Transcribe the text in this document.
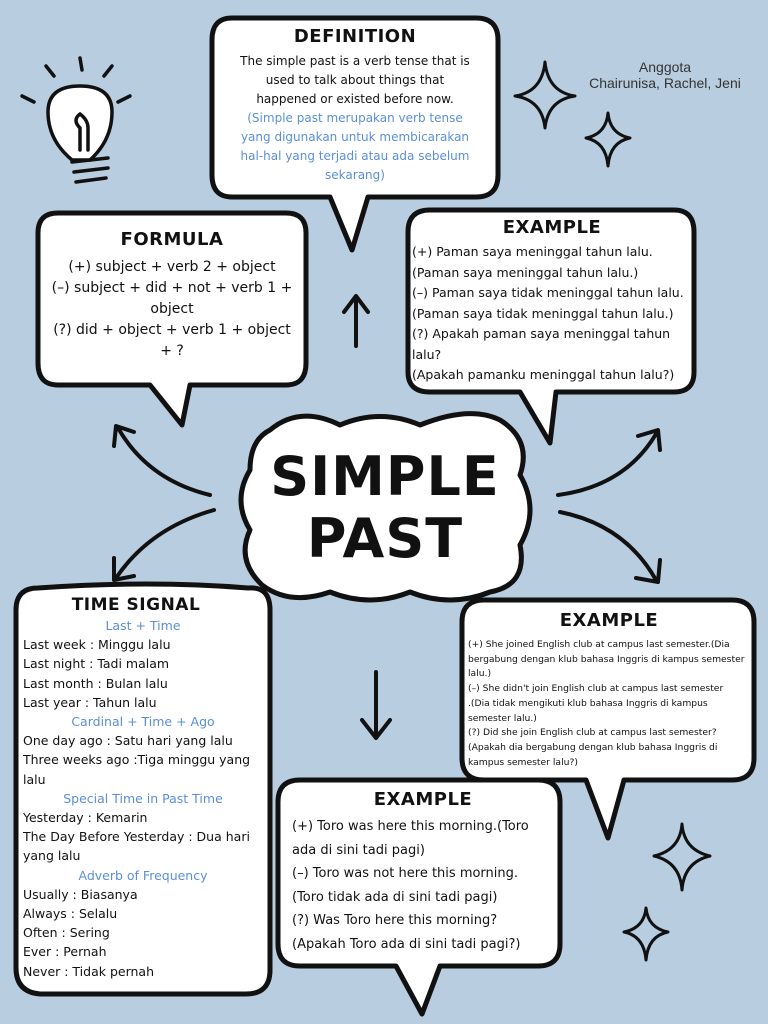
Anggota
Chairunisa, Rachel, Jeni
DEFINITION
The simple past is a verb tense that is
used to talk about things that
happened or existed before now.
(Simple past merupakan verb tense
yang digunakan untuk membicarakan
hal-hal yang terjadi atau ada sebelum
sekarang)
FORMULA
(+) subject + verb 2 + object
(–) subject + did + not + verb 1 +
object
(?) did + object + verb 1 + object
+ ?
EXAMPLE
(+) Paman saya meninggal tahun lalu.
(Paman saya meninggal tahun lalu.)
(–) Paman saya tidak meninggal tahun lalu.
(Paman saya tidak meninggal tahun lalu.)
(?) Apakah paman saya meninggal tahun
lalu?
(Apakah pamanku meninggal tahun lalu?)
SIMPLE
PAST
TIME SIGNAL
Last + Time
Last week : Minggu lalu
Last night : Tadi malam
Last month : Bulan lalu
Last year : Tahun lalu
Cardinal + Time + Ago
One day ago : Satu hari yang lalu
Three weeks ago :Tiga minggu yang
lalu
Special Time in Past Time
Yesterday : Kemarin
The Day Before Yesterday : Dua hari
yang lalu
Adverb of Frequency
Usually : Biasanya
Always : Selalu
Often : Sering
Ever : Pernah
Never : Tidak pernah
EXAMPLE
(+) She joined English club at campus last semester.(Dia
bergabung dengan klub bahasa Inggris di kampus semester
lalu.)
(–) She didn't join English club at campus last semester
.(Dia tidak mengikuti klub bahasa Inggris di kampus
semester lalu.)
(?) Did she join English club at campus last semester?
(Apakah dia bergabung dengan klub bahasa Inggris di
kampus semester lalu?)
EXAMPLE
(+) Toro was here this morning.(Toro
ada di sini tadi pagi)
(–) Toro was not here this morning.
(Toro tidak ada di sini tadi pagi)
(?) Was Toro here this morning?
(Apakah Toro ada di sini tadi pagi?)
